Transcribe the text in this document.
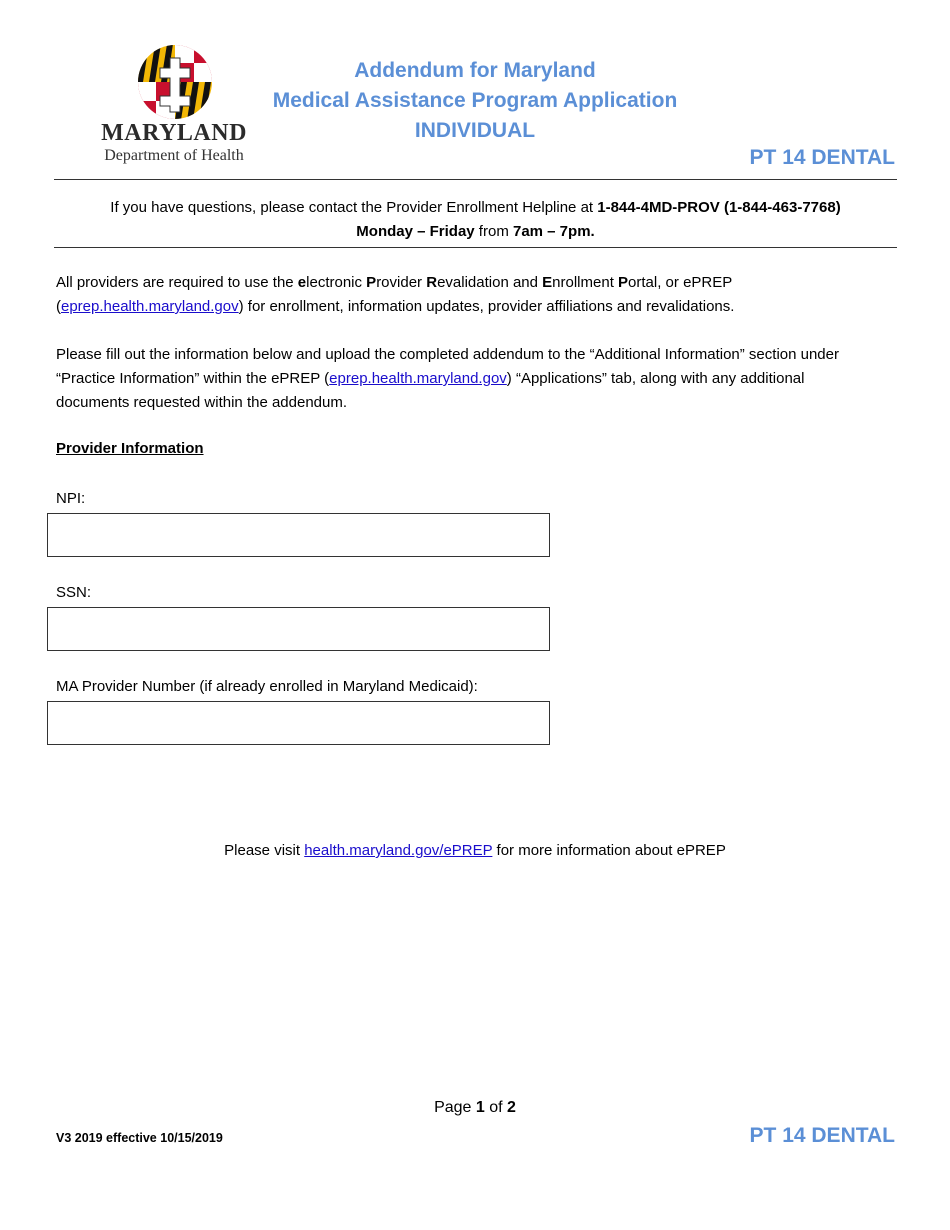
MARYLAND
Department of Health
Addendum for Maryland
Medical Assistance Program Application
INDIVIDUAL
PT 14 DENTAL
If you have questions, please contact the Provider Enrollment Helpline at 1-844-4MD-PROV (1-844-463-7768)
Monday – Friday from 7am – 7pm.
All providers are required to use the electronic Provider Revalidation and Enrollment Portal, or ePREP
(eprep.health.maryland.gov) for enrollment, information updates, provider affiliations and revalidations.
Please fill out the information below and upload the completed addendum to the “Additional Information” section under “Practice Information” within the ePREP (eprep.health.maryland.gov) “Applications” tab, along with any additional documents requested within the addendum.
Provider Information
NPI:
SSN:
MA Provider Number (if already enrolled in Maryland Medicaid):
Please visit health.maryland.gov/ePREP for more information about ePREP
Page 1 of 2
V3 2019 effective 10/15/2019	PT 14 DENTAL
